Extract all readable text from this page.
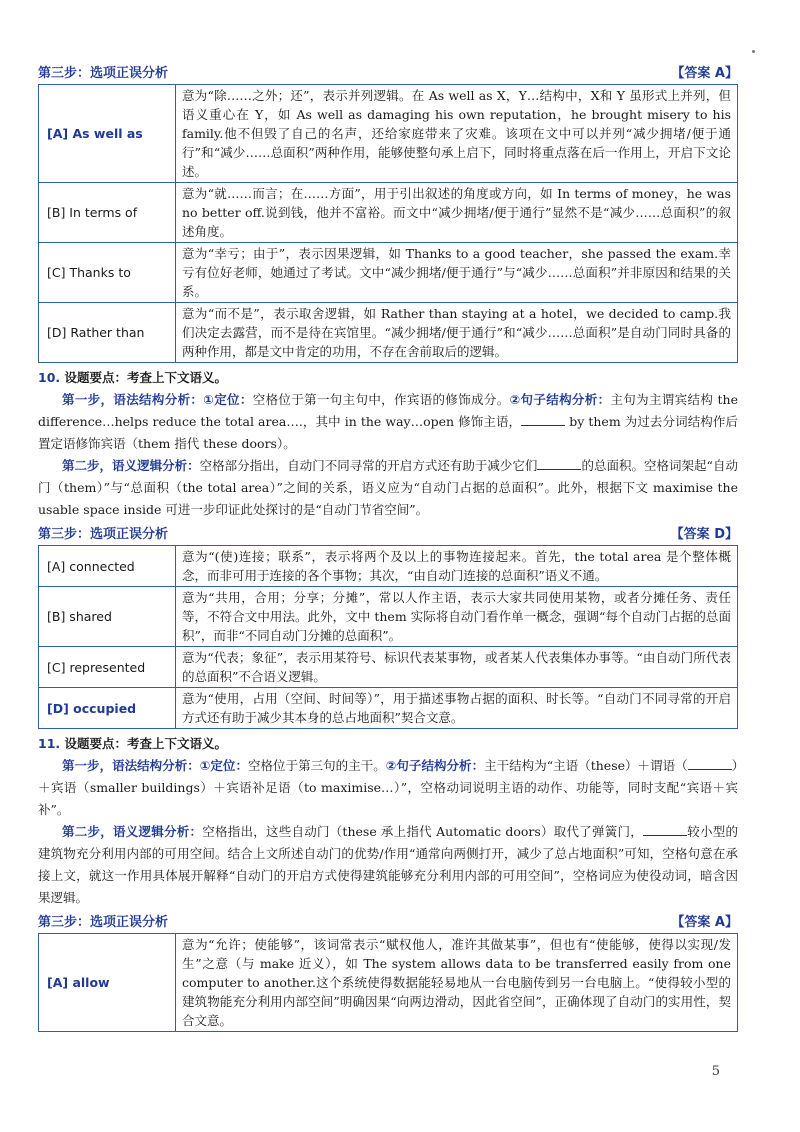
第三步：选项正误分析	【答案 A】
[A] As well as	意为“除……之外；还”，表示并列逻辑。在 As well as X，Y…结构中，X和 Y 虽形式上并列，但语义重心在 Y，如 As well as damaging his own reputation，he brought misery to his family.他不但毁了自己的名声，还给家庭带来了灾难。该项在文中可以并列“减少拥堵/便于通行”和“减少……总面积”两种作用，能够使整句承上启下，同时将重点落在后一作用上，开启下文论述。
[B] In terms of	意为“就……而言；在……方面”，用于引出叙述的角度或方向，如 In terms of money，he was no better off.说到钱，他并不富裕。而文中“减少拥堵/便于通行”显然不是“减少……总面积”的叙述角度。
[C] Thanks to	意为“幸亏；由于”，表示因果逻辑，如 Thanks to a good teacher，she passed the exam.幸亏有位好老师，她通过了考试。文中“减少拥堵/便于通行”与“减少……总面积”并非原因和结果的关系。
[D] Rather than	意为“而不是”，表示取舍逻辑，如 Rather than staying at a hotel，we decided to camp.我们决定去露营，而不是待在宾馆里。“减少拥堵/便于通行”和“减少……总面积”是自动门同时具备的两种作用，都是文中肯定的功用，不存在舍前取后的逻辑。
10. 设题要点：考查上下文语义。

第一步，语法结构分析：①定位：空格位于第一句主句中，作宾语的修饰成分。②句子结构分析：主句为主谓宾结构 the difference…helps reduce the total area….，其中 in the way…open 修饰主语，	by them 为过去分词结构作后置定语修饰宾语（them 指代 these doors）。

第二步，语义逻辑分析：空格部分指出，自动门不同寻常的开启方式还有助于减少它们	的总面积。空格词架起“自动门（them）”与“总面积（the total area）”之间的关系，语义应为“自动门占据的总面积”。此外，根据下文 maximise the usable space inside 可进一步印证此处探讨的是“自动门节省空间”。

第三步：选项正误分析	【答案 D】
[A] connected	意为“(使)连接；联系”，表示将两个及以上的事物连接起来。首先，the total area 是个整体概念，而非可用于连接的各个事物；其次，“由自动门连接的总面积”语义不通。
[B] shared	意为“共用，合用；分享；分摊”，常以人作主语，表示大家共同使用某物，或者分摊任务、责任等，不符合文中用法。此外，文中 them 实际将自动门看作单一概念，强调“每个自动门占据的总面积”，而非“不同自动门分摊的总面积”。
[C] represented	意为“代表；象征”，表示用某符号、标识代表某事物，或者某人代表集体办事等。“由自动门所代表的总面积”不合语义逻辑。
[D] occupied	意为“使用，占用（空间、时间等）”，用于描述事物占据的面积、时长等。“自动门不同寻常的开启方式还有助于减少其本身的总占地面积”契合文意。
11. 设题要点：考查上下文语义。

第一步，语法结构分析：①定位：空格位于第三句的主干。②句子结构分析：主干结构为“主语（these）＋谓语（	）＋宾语（smaller buildings）＋宾语补足语（to maximise…）”，空格动词说明主语的动作、功能等，同时支配“宾语＋宾补”。

第二步，语义逻辑分析：空格指出，这些自动门（these 承上指代 Automatic doors）取代了弹簧门，	较小型的建筑物充分利用内部的可用空间。结合上文所述自动门的优势/作用“通常向两侧打开，减少了总占地面积”可知，空格句意在承接上文，就这一作用具体展开解释“自动门的开启方式使得建筑能够充分利用内部的可用空间”，空格词应为使役动词，暗含因果逻辑。

第三步：选项正误分析	【答案 A】
[A] allow	意为“允许；使能够”，该词常表示“赋权他人，准许其做某事”，但也有“使能够，使得以实现/发生”之意（与 make 近义），如 The system allows data to be transferred easily from one computer to another.这个系统使得数据能轻易地从一台电脑传到另一台电脑上。“使得较小型的建筑物能充分利用内部空间”明确因果“向两边滑动，因此省空间”，正确体现了自动门的实用性，契合文意。
5
